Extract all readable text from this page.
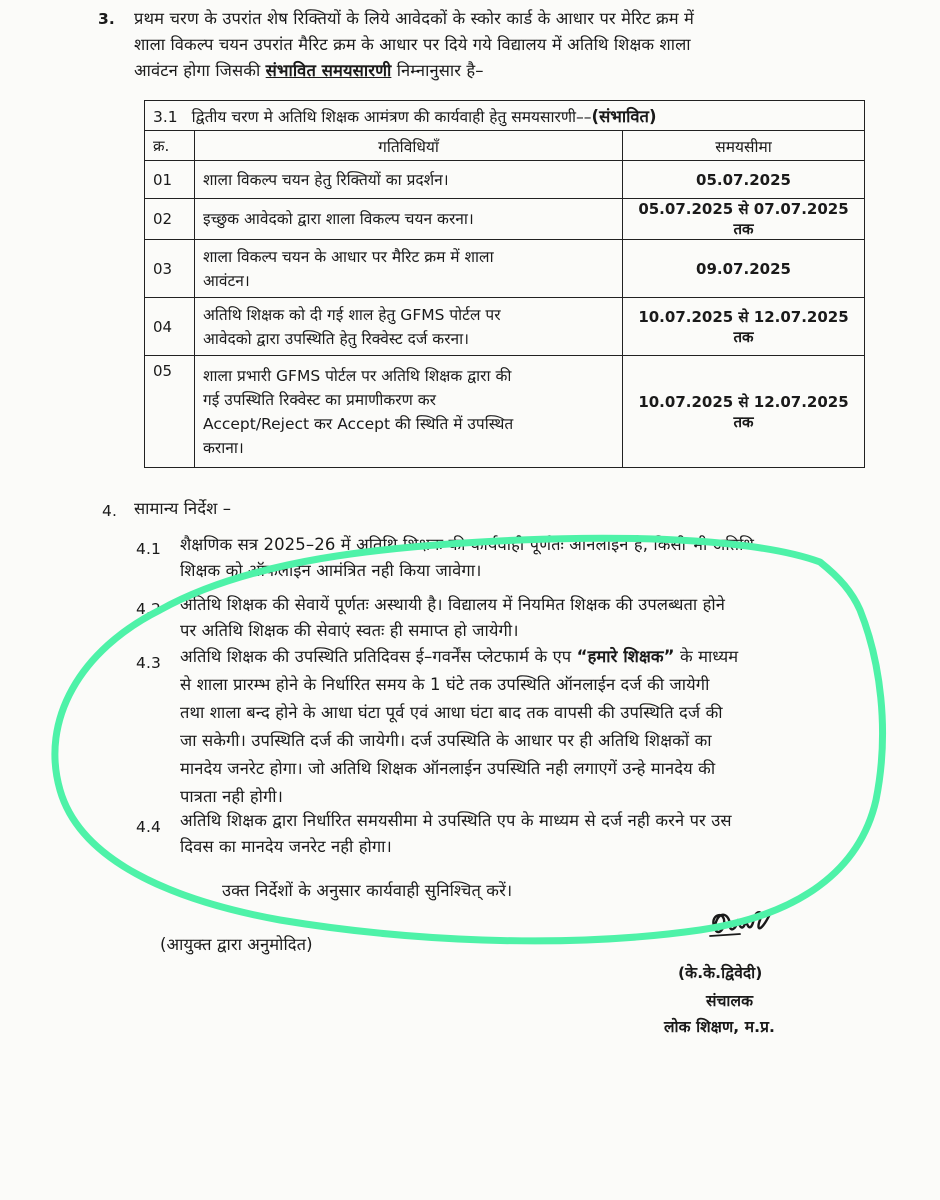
3. प्रथम चरण के उपरांत शेष रिक्तियों के लिये आवेदकों के स्कोर कार्ड के आधार पर मेरिट क्रम में
शाला विकल्प चयन उपरांत मैरिट क्रम के आधार पर दिये गये विद्यालय में अतिथि शिक्षक शाला
आवंटन होगा जिसकी संभावित समयसारणी निम्नानुसार है–
3.1 द्वितीय चरण मे अतिथि शिक्षक आमंत्रण की कार्यवाही हेतु समयसारणी––(संभावित)		
क्र.	गतिविधियाँ	समयसीमा
01	शाला विकल्प चयन हेतु रिक्तियों का प्रदर्शन।	05.07.2025
02	इच्छुक आवेदको द्वारा शाला विकल्प चयन करना।	05.07.2025 से 07.07.2025 तक
03	शाला विकल्प चयन के आधार पर मैरिट क्रम में शाला
आवंटन।	09.07.2025
04	अतिथि शिक्षक को दी गई शाल हेतु GFMS पोर्टल पर
आवेदको द्वारा उपस्थिति हेतु रिक्वेस्ट दर्ज करना।	10.07.2025 से 12.07.2025 तक
05	शाला प्रभारी GFMS पोर्टल पर अतिथि शिक्षक द्वारा की
गई उपस्थिति रिक्वेस्ट का प्रमाणीकरण कर
Accept/Reject कर Accept की स्थिति में उपस्थित
कराना।	10.07.2025 से 12.07.2025 तक
4. सामान्य निर्देश –
4.1 शैक्षणिक सत्र 2025–26 में अतिथि शिक्षक की कार्यवाही पूर्णतः ऑनलाईन है, किसी भी अतिथि
शिक्षक को ऑफलाईन आमंत्रित नही किया जावेगा।
4.2 अतिथि शिक्षक की सेवायें पूर्णतः अस्थायी है। विद्यालय में नियमित शिक्षक की उपलब्धता होने
पर अतिथि शिक्षक की सेवाएं स्वतः ही समाप्त हो जायेगी।
4.3 अतिथि शिक्षक की उपस्थिति प्रतिदिवस ई–गवर्नेंस प्लेटफार्म के एप “हमारे शिक्षक” के माध्यम
से शाला प्रारम्भ होने के निर्धारित समय के 1 घंटे तक उपस्थिति ऑनलाईन दर्ज की जायेगी
तथा शाला बन्द होने के आधा घंटा पूर्व एवं आधा घंटा बाद तक वापसी की उपस्थिति दर्ज की
जा सकेगी। उपस्थिति दर्ज की जायेगी। दर्ज उपस्थिति के आधार पर ही अतिथि शिक्षकों का
मानदेय जनरेट होगा। जो अतिथि शिक्षक ऑनलाईन उपस्थिति नही लगाएगें उन्हे मानदेय की
पात्रता नही होगी।
4.4 अतिथि शिक्षक द्वारा निर्धारित समयसीमा मे उपस्थिति एप के माध्यम से दर्ज नही करने पर उस
दिवस का मानदेय जनरेट नही होगा।
उक्त निर्देशों के अनुसार कार्यवाही सुनिश्चित् करें।
(आयुक्त द्वारा अनुमोदित)
(के.के.द्विवेदी)
संचालक
लोक शिक्षण, म.प्र.
